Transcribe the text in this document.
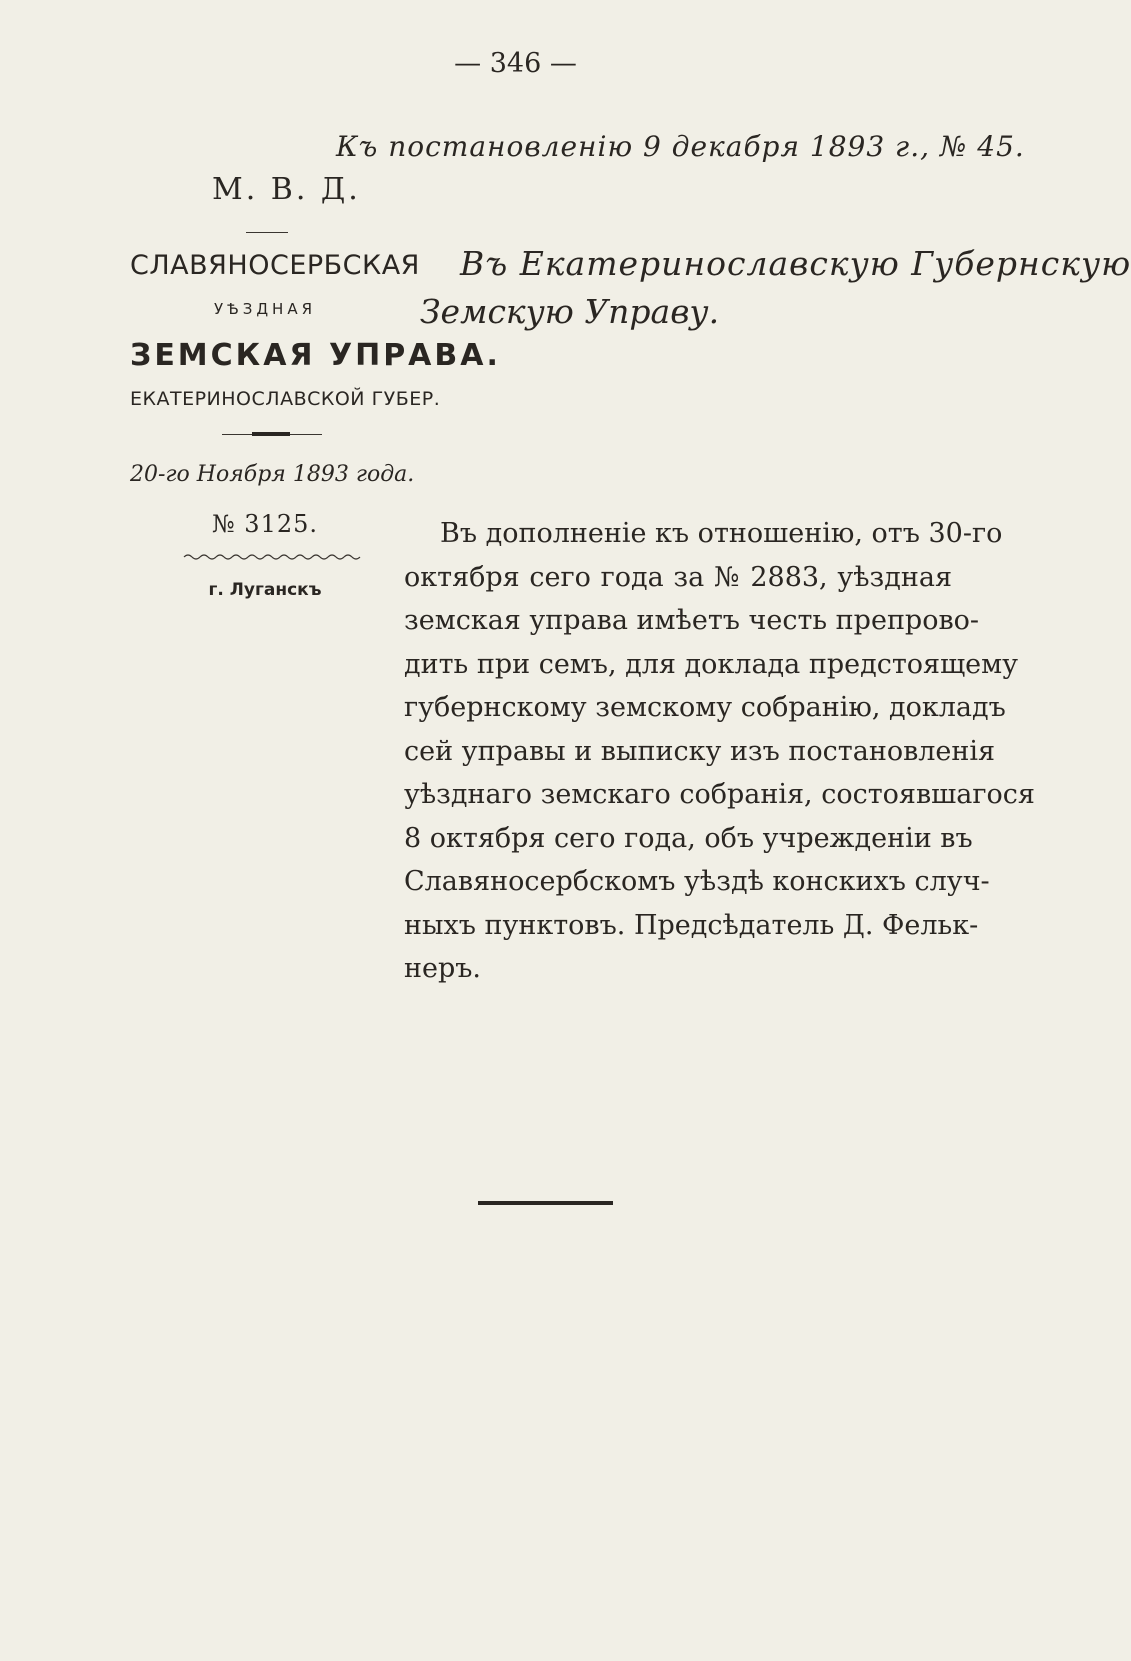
— 346 —
Къ постановленію 9 декабря 1893 г., № 45.
М. В. Д.
СЛАВЯНОСЕРБСКАЯ
УѢЗДНАЯ
ЗЕМСКАЯ УПРАВА.
ЕКАТЕРИНОСЛАВСКОЙ ГУБЕР.
20-го Ноября 1893 года.
№ 3125.
г. Луганскъ
Въ Екатеринославскую Губернскую
Земскую Управу.
Въ дополненіе къ отношенію, отъ 30-го
октября сего года за № 2883, уѣздная
земская управа имѣетъ честь препрово-
дить при семъ, для доклада предстоящему
губернскому земскому собранію, докладъ
сей управы и выписку изъ постановленія
уѣзднаго земскаго собранія, состоявшагося
8 октября сего года, объ учрежденіи въ
Славяносербскомъ уѣздѣ конскихъ случ-
ныхъ пунктовъ. Предсѣдатель Д. Фельк-
неръ.
